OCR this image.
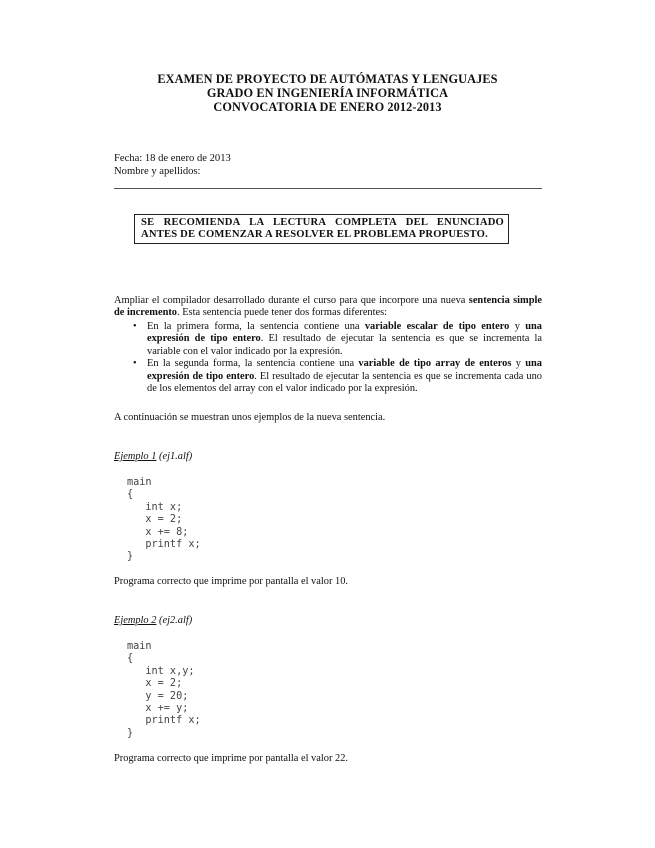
EXAMEN DE PROYECTO DE AUTÓMATAS Y LENGUAJES
GRADO EN INGENIERÍA INFORMÁTICA
CONVOCATORIA DE ENERO 2012-2013
Fecha: 18 de enero de 2013
Nombre y apellidos:
SE RECOMIENDA LA LECTURA COMPLETA DEL ENUNCIADO
ANTES DE COMENZAR A RESOLVER EL PROBLEMA PROPUESTO.
Ampliar el compilador desarrollado durante el curso para que incorpore una nueva sentencia simple de incremento. Esta sentencia puede tener dos formas diferentes:
• En la primera forma, la sentencia contiene una variable escalar de tipo entero y una expresión de tipo entero. El resultado de ejecutar la sentencia es que se incrementa la variable con el valor indicado por la expresión.
• En la segunda forma, la sentencia contiene una variable de tipo array de enteros y una expresión de tipo entero. El resultado de ejecutar la sentencia es que se incrementa cada uno de los elementos del array con el valor indicado por la expresión.
A continuación se muestran unos ejemplos de la nueva sentencia.
Ejemplo 1 (ej1.alf)
main
{
int x;
x = 2;
x += 8;
printf x;
}
Programa correcto que imprime por pantalla el valor 10.
Ejemplo 2 (ej2.alf)
main
{
int x,y;
x = 2;
y = 20;
x += y;
printf x;
}
Programa correcto que imprime por pantalla el valor 22.
